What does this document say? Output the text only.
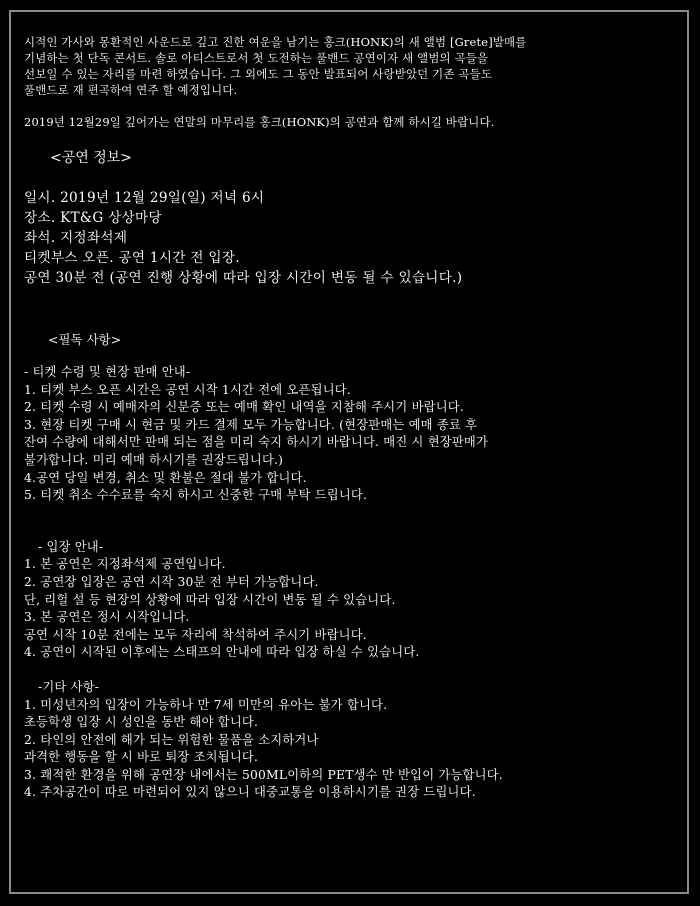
시적인 가사와 몽환적인 사운드로 깊고 진한 여운을 남기는 홍크(HONK)의 새 앨범 [Grete]발매를
기념하는 첫 단독 콘서트. 솔로 아티스트로서 첫 도전하는 풀밴드 공연이자 새 앨범의 곡들을
선보일 수 있는 자리를 마련 하였습니다. 그 외에도 그 동안 발표되어 사랑받았던 기존 곡들도
풀밴드로 재 편곡하여 연주 할 예정입니다.
2019년 12월29일 깊어가는 연말의 마무리를 홍크(HONK)의 공연과 함께 하시길 바랍니다.
<공연 정보>
일시. 2019년 12월 29일(일) 저녁 6시
장소. KT&G 상상마당
좌석. 지정좌석제
티켓부스 오픈. 공연 1시간 전 입장.
공연 30분 전 (공연 진행 상황에 따라 입장 시간이 변동 될 수 있습니다.)
<필독 사항>
- 티켓 수령 및 현장 판매 안내-
1. 티켓 부스 오픈 시간은 공연 시작 1시간 전에 오픈됩니다.
2. 티켓 수령 시 예매자의 신분증 또는 예매 확인 내역을 지참해 주시기 바랍니다.
3. 현장 티켓 구매 시 현금 및 카드 결제 모두 가능합니다. (현장판매는 예매 종료 후
잔여 수량에 대해서만 판매 되는 점을 미리 숙지 하시기 바랍니다. 매진 시 현장판매가
불가합니다. 미리 예매 하시기를 권장드립니다.)
4.공연 당일 변경, 취소 및 환불은 절대 불가 합니다.
5. 티켓 취소 수수료를 숙지 하시고 신중한 구매 부탁 드립니다.
- 입장 안내-
1. 본 공연은 지정좌석제 공연입니다.
2. 공연장 입장은 공연 시작 30분 전 부터 가능합니다.
단, 리헐 설 등 현장의 상황에 따라 입장 시간이 변동 될 수 있습니다.
3. 본 공연은 정시 시작입니다.
공연 시작 10분 전에는 모두 자리에 착석하여 주시기 바랍니다.
4. 공연이 시작된 이후에는 스태프의 안내에 따라 입장 하실 수 있습니다.
-기타 사항-
1. 미성년자의 입장이 가능하나 만 7세 미만의 유아는 불가 합니다.
초등학생 입장 시 성인을 동반 해야 합니다.
2. 타인의 안전에 해가 되는 위험한 물품을 소지하거나
과격한 행동을 할 시 바로 퇴장 조치됩니다.
3. 쾌적한 환경을 위해 공연장 내에서는 500ML이하의 PET생수 만 반입이 가능합니다.
4. 주차공간이 따로 마련되어 있지 않으니 대중교통을 이용하시기를 권장 드립니다.
